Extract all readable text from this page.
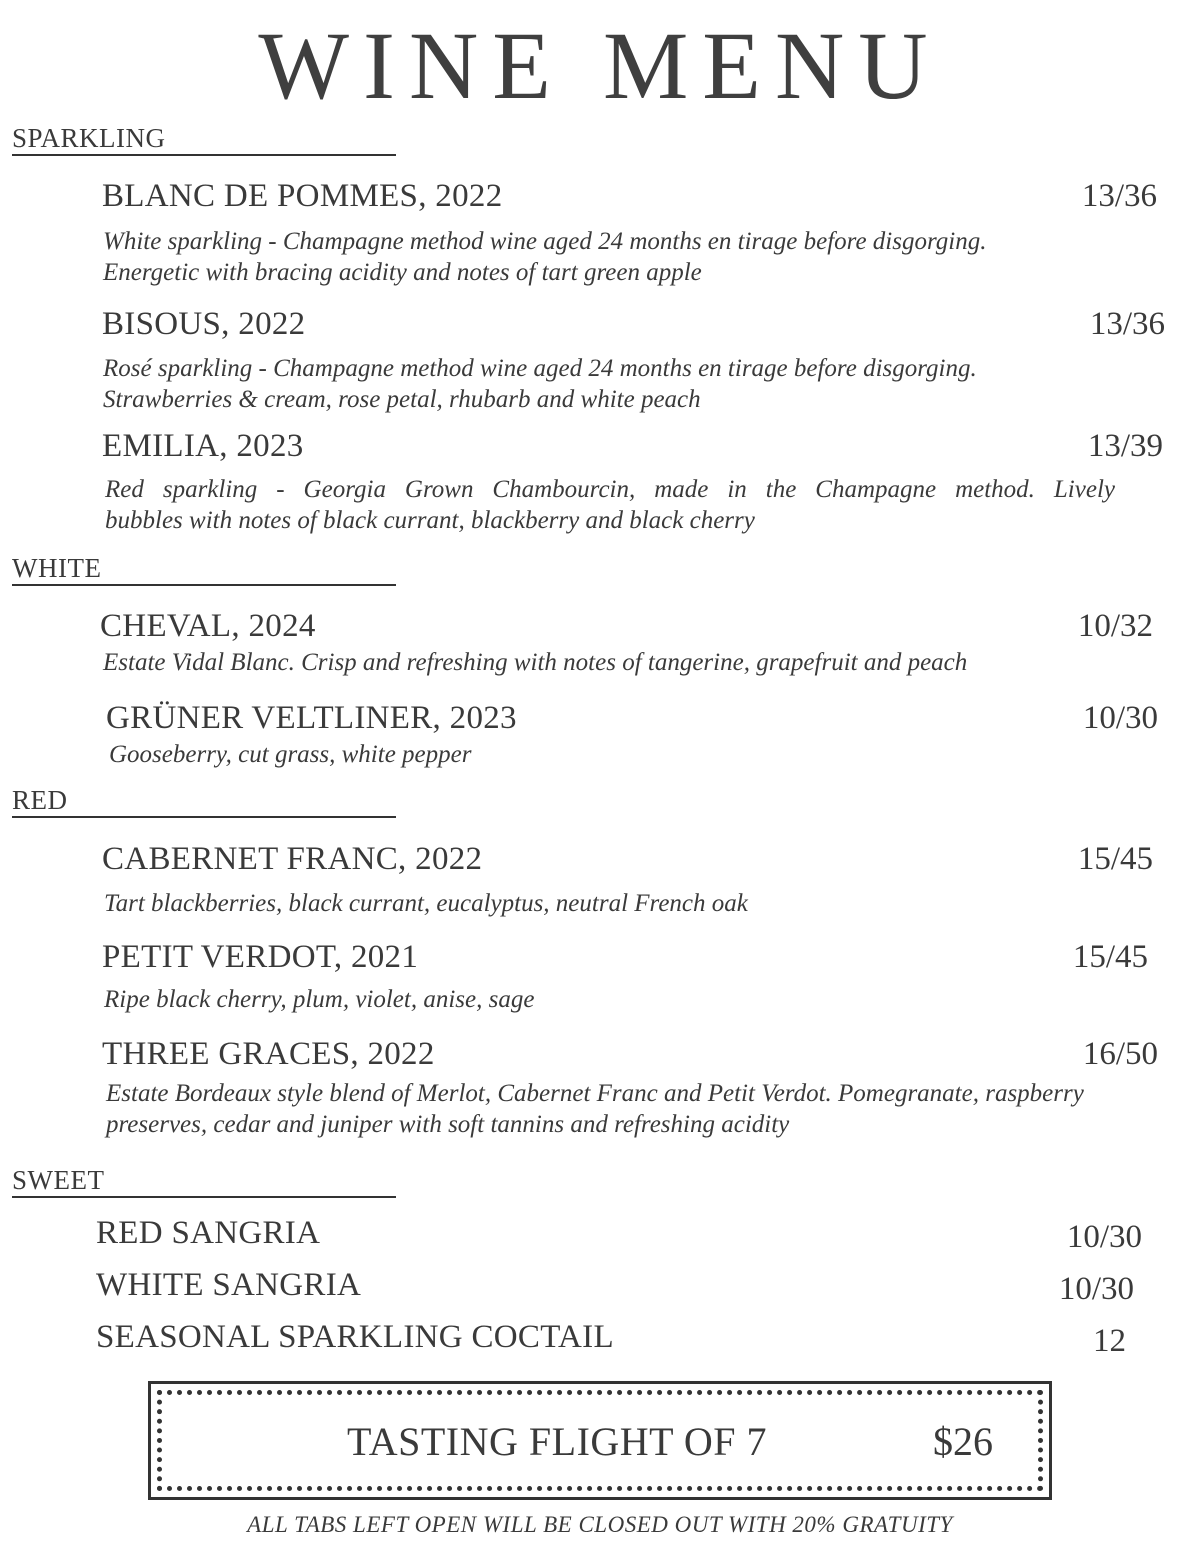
WINE MENU
SPARKLING
BLANC DE POMMES, 2022	13/36
White sparkling - Champagne method wine aged 24 months en tirage before disgorging.
Energetic with bracing acidity and notes of tart green apple
BISOUS, 2022	13/36
Rosé sparkling - Champagne method wine aged 24 months en tirage before disgorging.
Strawberries & cream, rose petal, rhubarb and white peach
EMILIA, 2023	13/39
Red sparkling - Georgia Grown Chambourcin, made in the Champagne method. Lively
bubbles with notes of black currant, blackberry and black cherry
WHITE
CHEVAL, 2024	10/32
Estate Vidal Blanc. Crisp and refreshing with notes of tangerine, grapefruit and peach
GRÜNER VELTLINER, 2023	10/30
Gooseberry, cut grass, white pepper
RED
CABERNET FRANC, 2022	15/45
Tart blackberries, black currant, eucalyptus, neutral French oak
PETIT VERDOT, 2021	15/45
Ripe black cherry, plum, violet, anise, sage
THREE GRACES, 2022	16/50
Estate Bordeaux style blend of Merlot, Cabernet Franc and Petit Verdot. Pomegranate, raspberry
preserves, cedar and juniper with soft tannins and refreshing acidity
SWEET
RED SANGRIA	10/30
WHITE SANGRIA	10/30
SEASONAL SPARKLING COCTAIL	12
TASTING FLIGHT OF 7	$26
ALL TABS LEFT OPEN WILL BE CLOSED OUT WITH 20% GRATUITY
